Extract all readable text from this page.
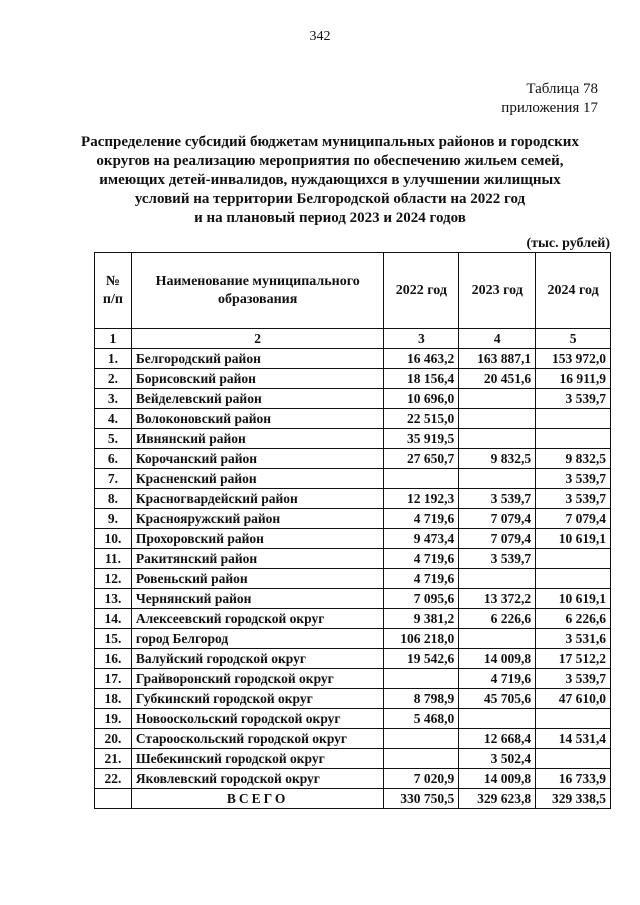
342
Таблица 78
приложения 17
Распределение субсидий бюджетам муниципальных районов и городских
округов на реализацию мероприятия по обеспечению жильем семей,
имеющих детей-инвалидов, нуждающихся в улучшении жилищных
условий на территории Белгородской области на 2022 год
и на плановый период 2023 и 2024 годов
(тыс. рублей)
№ п/п	Наименование муниципального образования	2022 год	2023 год	2024 год
1	2	3	4	5
1.	Белгородский район	16 463,2	163 887,1	153 972,0
2.	Борисовский район	18 156,4	20 451,6	16 911,9
3.	Вейделевский район	10 696,0		3 539,7
4.	Волоконовский район	22 515,0		
5.	Ивнянский район	35 919,5		
6.	Корочанский район	27 650,7	9 832,5	9 832,5
7.	Красненский район			3 539,7
8.	Красногвардейский район	12 192,3	3 539,7	3 539,7
9.	Краснояружский район	4 719,6	7 079,4	7 079,4
10.	Прохоровский район	9 473,4	7 079,4	10 619,1
11.	Ракитянский район	4 719,6	3 539,7	
12.	Ровеньский район	4 719,6		
13.	Чернянский район	7 095,6	13 372,2	10 619,1
14.	Алексеевский городской округ	9 381,2	6 226,6	6 226,6
15.	город Белгород	106 218,0		3 531,6
16.	Валуйский городской округ	19 542,6	14 009,8	17 512,2
17.	Грайворонский городской округ		4 719,6	3 539,7
18.	Губкинский городской округ	8 798,9	45 705,6	47 610,0
19.	Новооскольский городской округ	5 468,0		
20.	Старооскольский городской округ		12 668,4	14 531,4
21.	Шебекинский городской округ		3 502,4	
22.	Яковлевский городской округ	7 020,9	14 009,8	16 733,9
	ВСЕГО	330 750,5	329 623,8	329 338,5
